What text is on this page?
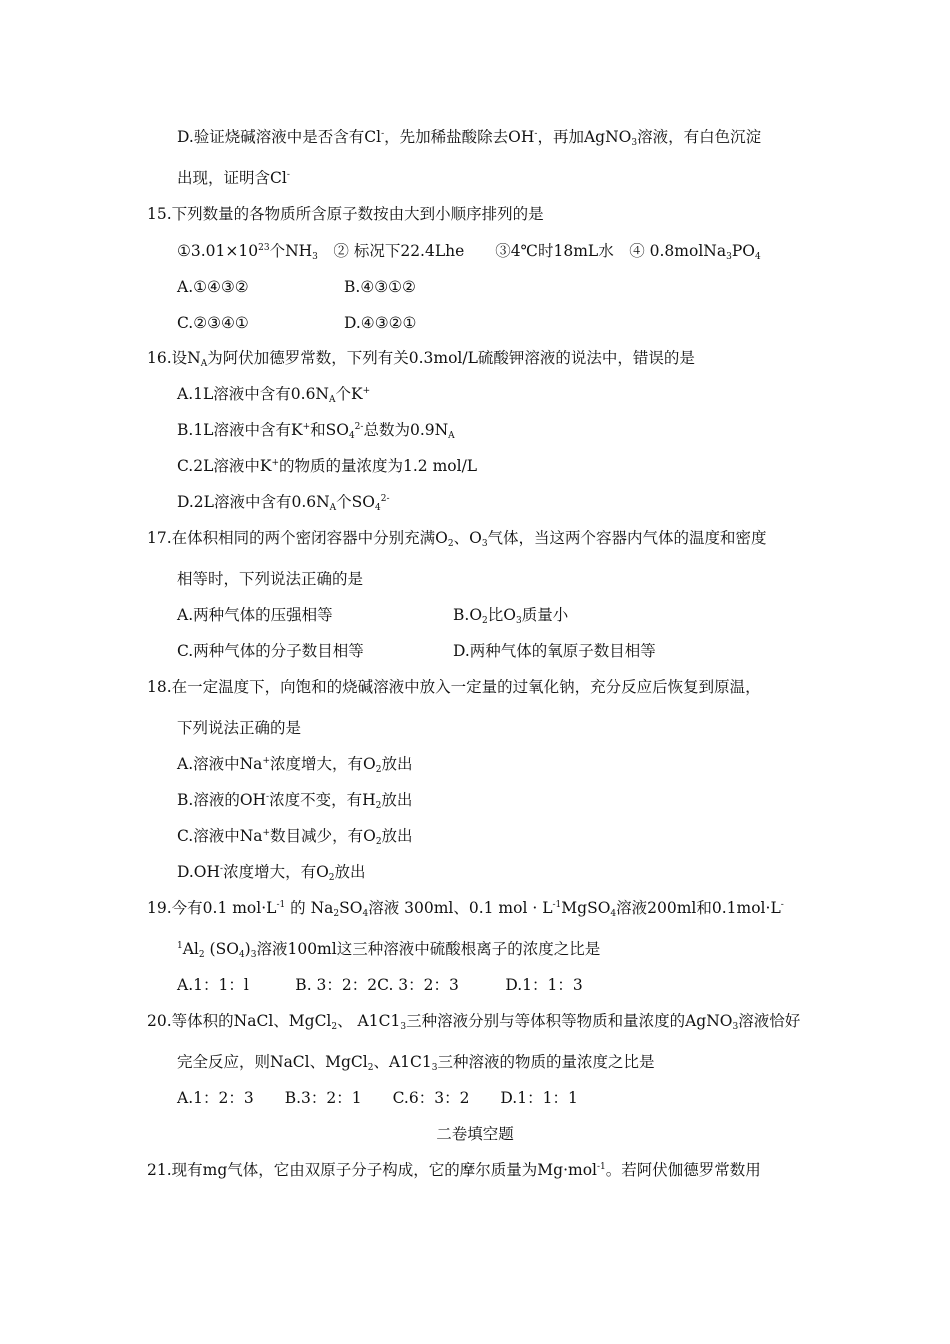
D.验证烧碱溶液中是否含有Cl-，先加稀盐酸除去OH-，再加AgNO$_3$溶液，有白色沉淀
出现，证明含Cl-
15.下列数量的各物质所含原子数按由大到小顺序排列的是
$①3.01\times 10^{23}$个$NH_3$　② 标况下22.4Lhe　　③4℃时18mL水　④ $0.8molNa_3PO_4$
A.①④③②	B.④③①②
C.②③④①	D.④③②①
16.设$N_A$为阿伏加德罗常数，下列有关0.3mol/L硫酸钾溶液的说法中，错误的是
A.1L溶液中含有$0.6N_A$个K+
B.1L溶液中含有K+和$SO_4^{2-}$总数为$0.9N_A$
C.2L溶液中K+的物质的量浓度为1.2 mol/L
D.2L溶液中含有$0.6N_A$个$SO_4^{2-}$
17.在体积相同的两个密闭容器中分别充满$O_2$、$O_3$气体，当这两个容器内气体的温度和密度
相等时，下列说法正确的是
A.两种气体的压强相等	$B.O_2$比$O_3$质量小
C.两种气体的分子数目相等	D.两种气体的氧原子数目相等
18.在一定温度下，向饱和的烧碱溶液中放入一定量的过氧化钠，充分反应后恢复到原温，
下列说法正确的是
A.溶液中Na+浓度增大，有$O_2$放出
B.溶液的OH-浓度不变，有$H_2$放出
C.溶液中Na+数目减少，有$O_2$放出
D.OH-浓度增大，有$O_2$放出
19.今有0.1 $mol\cdot L^{-1}$ 的 $Na_2SO_4$溶液 300ml、0.1 mol · $L^{-1}MgSO_4$溶液200ml和0.1mol·L-
$^1Al_2$ $(SO_4)_3$溶液100ml这三种溶液中硫酸根离子的浓度之比是
A.1：1：l　　　B. 3：2：2C. 3：2：3　　　D.1：1：3
20.等体积的NaCl、MgCl$_2$、 $A1C1_3$三种溶液分别与等体积等物质和量浓度的AgNO$_3$溶液恰好
完全反应，则NaCl、MgCl$_2$、$A1C1_3$三种溶液的物质的量浓度之比是
A.1：2：3　　B.3：2：1　　C.6：3：2　　D.1：1：1
二卷填空题
21.现有mg气体，它由双原子分子构成，它的摩尔质量为Mg·mol$^{-1}$。若阿伏伽德罗常数用
